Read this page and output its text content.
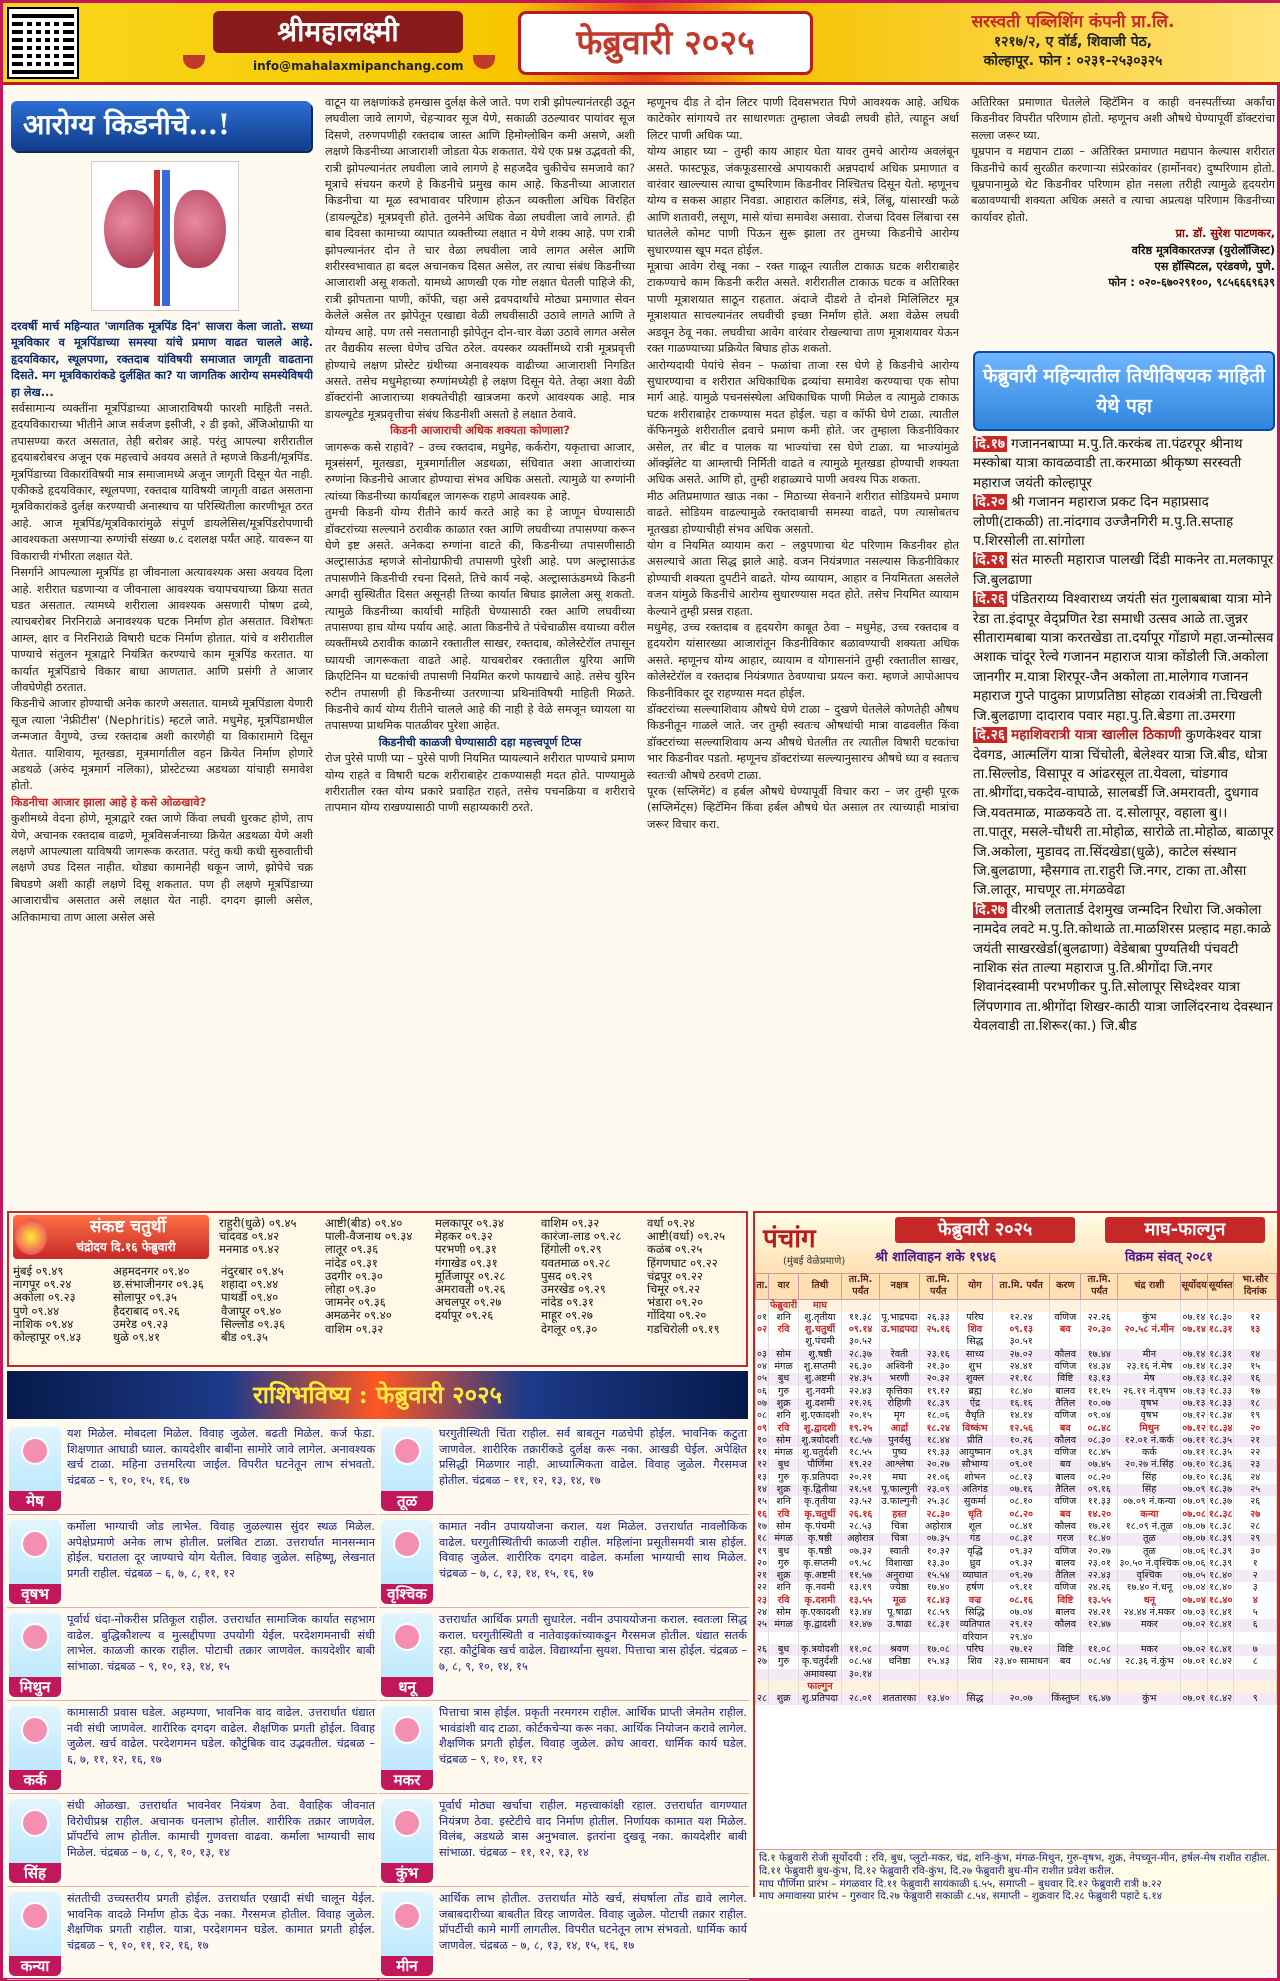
श्रीमहालक्ष्मी
info@mahalaxmipanchang.com
फेब्रुवारी २०२५
सरस्वती पब्लिशिंग कंपनी प्रा.लि.
१२१७/२, ए वॉर्ड, शिवाजी पेठ,
कोल्हापूर. फोन : ०२३१-२५३०३२५
आरोग्य किडनीचे...!

दरवर्षी मार्च महिन्यात 'जागतिक मूत्रपिंड दिन' साजरा केला जातो. सध्या मूत्रविकार व मूत्रपिंडाच्या समस्या यांचे प्रमाण वाढत चालले आहे. हृदयविकार, स्थूलपणा, रक्तदाब यांविषयी समाजात जागृती वाढताना दिसते. मग मूत्रविकारांकडे दुर्लक्षित का? या जागतिक आरोग्य समस्येविषयी हा लेख...

सर्वसामान्य व्यक्तींना मूत्रपिंडाच्या आजाराविषयी फारशी माहिती नसते. हृदयविकाराच्या भीतीने आज सर्वजण इसीजी, २ डी इको, अँजिओग्राफी या तपासण्या करत असतात, तेही बरोबर आहे. परंतु आपल्या शरीरातील हृदयाबरोबरच अजून एक महत्त्वाचे अवयव असते ते म्हणजे किडनी/मूत्रपिंड. मूत्रपिंडाच्या विकारांविषयी मात्र समाजामध्ये अजून जागृती दिसून येत नाही. एकीकडे हृदयविकार, स्थूलपणा, रक्तदाब याविषयी जागृती वाढत असताना मूत्रविकारांकडे दुर्लक्ष करण्याची अनास्थाच या परिस्थितीला कारणीभूत ठरत आहे. आज मूत्रपिंड/मूत्रविकारांमुळे संपूर्ण डायलेसिस/मूत्रपिंडरोपणाची आवश्यकता असणाऱ्या रुग्णांची संख्या ७.८ दशलक्ष पर्यंत आहे. यावरून या विकाराची गंभीरता लक्षात येते.

निसर्गाने आपल्याला मूत्रपिंड हा जीवनाला अत्यावश्यक असा अवयव दिला आहे. शरीरात घडणाऱ्या व जीवनाला आवश्यक चयापचयाच्या क्रिया सतत घडत असतात. त्यामध्ये शरीराला आवश्यक असणारी पोषण द्रव्ये, त्याचबरोबर निरनिराळे अनावश्यक घटक निर्माण होत असतात. विशेषतः आम्ल, क्षार व निरनिराळे विषारी घटक निर्माण होतात. यांचे व शरीरातील पाण्याचे संतुलन मूत्राद्वारे नियंत्रित करण्याचे काम मूत्रपिंड करतात. या कार्यात मूत्रपिंडाचे विकार बाधा आणतात. आणि प्रसंगी ते आजार जीवघेणेही ठरतात.

किडनीचे आजार होण्याची अनेक कारणे असतात. यामध्ये मूत्रपिंडाला येणारी सूज त्याला 'नेफ्रीटीस' (Nephritis) म्हटले जाते. मधुमेह, मूत्रपिंडामधील जन्मजात वैगुण्ये, उच्च रक्तदाब अशी कारणेही या विकारामागे दिसून येतात. याशिवाय, मूतखडा, मूत्रमार्गातील वहन क्रियेत निर्माण होणारे अडथळे (अरुंद मूत्रमार्ग नलिका), प्रोस्टेटच्या अडथळा यांचाही समावेश होतो.

किडनीचा आजार झाला आहे हे कसे ओळखावे?

कुशीमध्ये वेदना होणे, मूत्राद्वारे रक्त जाणे किंवा लघवी धुरकट होणे, ताप येणे, अचानक रक्तदाब वाढणे, मूत्रविसर्जनाच्या क्रियेत अडथळा येणे अशी लक्षणे आपल्याला याविषयी जागरूक करतात. परंतु कधी कधी सुरुवातीची लक्षणे उघड दिसत नाहीत. थोड्या कामानेही थकून जाणे, झोपेचे चक्र बिघडणे अशी काही लक्षणे दिसू शकतात. पण ही लक्षणे मूत्रपिंडाच्या आजाराचीच असतात असे लक्षात येत नाही. दगदग झाली असेल, अतिकामाचा ताण आला असेल असे

वाटून या लक्षणांकडे हमखास दुर्लक्ष केले जाते. पण रात्री झोपल्यानंतरही उठून लघवीला जावे लागणे, चेहऱ्यावर सूज येणे, सकाळी उठल्यावर पायांवर सूज दिसणे, तरुणपणीही रक्तदाब जास्त आणि हिमोग्लोबिन कमी असणे, अशी लक्षणे किडनीच्या आजाराशी जोडता येऊ शकतात. येथे एक प्रश्न उद्भवतो की, रात्री झोपल्यानंतर लघवीला जावे लागणे हे सहजदैव चुकीचेच समजावे का? मूत्राचे संचयन करणे हे किडनीचे प्रमुख काम आहे. किडनीच्या आजारात किडनीचा या मूळ स्वभावावर परिणाम होऊन व्यक्तीला अधिक विरहित (डायल्यूटेड) मूत्रप्रवृत्ती होते. तुलनेने अधिक वेळा लघवीला जावे लागते. ही बाब दिवसा कामाच्या व्यापात व्यक्तीच्या लक्षात न येणे शक्य आहे. पण रात्री झोपल्यानंतर दोन ते चार वेळा लघवीला जावे लागत असेल आणि शरीरस्वभावात हा बदल अचानकच दिसत असेल, तर त्याचा संबंध किडनीच्या आजाराशी असू शकतो. यामध्ये आणखी एक गोष्ट लक्षात घेतली पाहिजे की, रात्री झोपताना पाणी, कॉफी, चहा असे द्रवपदार्थांचे मोठ्या प्रमाणात सेवन केलेले असेल तर झोपेतून एखाद्या वेळी लघवीसाठी उठावे लागते आणि ते योग्यच आहे. पण तसे नसतानाही झोपेतून दोन-चार वेळा उठावे लागत असेल तर वैद्यकीय सल्ला घेणेच उचित ठरेल. वयस्कर व्यक्तींमध्ये रात्री मूत्रप्रवृत्ती होण्याचे लक्षण प्रोस्टेट ग्रंथीच्या अनावश्यक वाढीच्या आजाराशी निगडित असते. तसेच मधुमेहाच्या रुग्णांमध्येही हे लक्षण दिसून येते. तेव्हा अशा वेळी डॉक्टरांनी आजाराच्या शक्यतेचीही खात्रजमा करणे आवश्यक आहे. मात्र डायल्यूटेड मूत्रप्रवृत्तीचा संबंध किडनीशी असतो हे लक्षात ठेवावे.

किडनी आजाराची अधिक शक्यता कोणाला?

जागरूक कसे राहावे? – उच्च रक्तदाब, मधुमेह, कर्करोग, यकृताचा आजार, मूत्रसंसर्ग, मूतखडा, मूत्रमार्गातील अडथळा, संधिवात अशा आजारांच्या रुग्णांना किडनीचे आजार होण्याचा संभव अधिक असतो. त्यामुळे या रुग्णांनी त्यांच्या किडनीच्या कार्याबद्दल जागरूक राहणे आवश्यक आहे.

तुमची किडनी योग्य रीतीने कार्य करते आहे का हे जाणून घेण्यासाठी डॉक्टरांच्या सल्ल्याने ठरावीक काळात रक्त आणि लघवीच्या तपासण्या करून घेणे इष्ट असते. अनेकदा रुग्णांना वाटते की, किडनीच्या तपासणीसाठी अल्ट्रासाऊंड म्हणजे सोनोग्राफीची तपासणी पुरेशी आहे. पण अल्ट्रासाऊंड तपासणीने किडनीची रचना दिसते, तिचे कार्य नव्हे. अल्ट्रासाऊंडमध्ये किडनी अगदी सुस्थितीत दिसत असूनही तिच्या कार्यात बिघाड झालेला असू शकतो. त्यामुळे किडनीच्या कार्याची माहिती घेण्यासाठी रक्त आणि लघवीच्या तपासण्या हाच योग्य पर्याय आहे. आता किडनीचे ते पंचेचाळीस वयाच्या वरील व्यक्तींमध्ये ठरावीक काळाने रक्तातील साखर, रक्तदाब, कोलेस्टेरॉल तपासून घ्यायची जागरूकता वाढते आहे. याचबरोबर रक्तातील युरिया आणि क्रिएटिनिन या घटकांची तपासणी नियमित करणे फायद्याचे आहे. तसेच युरिन रुटीन तपासणी ही किडनीच्या उतरणाऱ्या प्रथिनांविषयी माहिती मिळते. किडनीचे कार्य योग्य रीतीने चालले आहे की नाही हे वेळे समजून घ्यायला या तपासण्या प्राथमिक पातळीवर पुरेशा आहेत.

किडनीची काळजी घेण्यासाठी दहा महत्त्वपूर्ण टिप्स

रोज पुरेसे पाणी प्या – पुरेसे पाणी नियमित प्यायल्याने शरीरात पाण्याचे प्रमाण योग्य राहते व विषारी घटक शरीराबाहेर टाकण्यासही मदत होते. पाण्यामुळे शरीरातील रक्त योग्य प्रकारे प्रवाहित राहते, तसेच पचनक्रिया व शरीराचे तापमान योग्य राखण्यासाठी पाणी सहाय्यकारी ठरते.

म्हणूनच दीड ते दोन लिटर पाणी दिवसभरात पिणे आवश्यक आहे. अधिक काटेकोर सांगायचे तर साधारणतः तुम्हाला जेवढी लघवी होते, त्याहून अर्धा लिटर पाणी अधिक प्या.

योग्य आहार घ्या – तुम्ही काय आहार घेता यावर तुमचे आरोग्य अवलंबून असते. फास्टफूड, जंकफूडसारखे अपायकारी अन्नपदार्थ अधिक प्रमाणात व वारंवार खाल्ल्यास त्याचा दुष्परिणाम किडनीवर निश्चितच दिसून येतो. म्हणूनच योग्य व सकस आहार निवडा. आहारात कलिंगड, संत्रे, लिंबू, यांसारखी फळे आणि शतावरी, लसूण, मासे यांचा समावेश असावा. रोजचा दिवस लिंबाचा रस घातलेले कोमट पाणी पिऊन सुरू झाला तर तुमच्या किडनीचे आरोग्य सुधारण्यास खूप मदत होईल.

मूत्राचा आवेग रोखू नका – रक्त गाळून त्यातील टाकाऊ घटक शरीराबाहेर टाकण्याचे काम किडनी करीत असते. शरीरातील टाकाऊ घटक व अतिरिक्त पाणी मूत्राशयात साठून राहतात. अंदाजे दीडशे ते दोनशे मिलिलिटर मूत्र मूत्राशयात साचल्यानंतर लघवीची इच्छा निर्माण होते. अशा वेळेस लघवी अडवून ठेवू नका. लघवीचा आवेग वारंवार रोखल्याचा ताण मूत्राशयावर येऊन रक्त गाळण्याच्या प्रक्रियेत बिघाड होऊ शकतो.

आरोग्यदायी पेयांचे सेवन – फळांचा ताजा रस घेणे हे किडनीचे आरोग्य सुधारण्याचा व शरीरात अधिकाधिक द्रव्यांचा समावेश करण्याचा एक सोपा मार्ग आहे. यामुळे पचनसंस्थेला अधिकाधिक पाणी मिळेल व त्यामुळे टाकाऊ घटक शरीराबाहेर टाकण्यास मदत होईल. चहा व कॉफी घेणे टाळा. त्यातील कॅफिनमुळे शरीरातील द्रवाचे प्रमाण कमी होते. जर तुम्हाला किडनीविकार असेल, तर बीट व पालक या भाज्यांचा रस घेणे टाळा. या भाज्यांमुळे ऑक्झॅलेट या आम्लाची निर्मिती वाढते व त्यामुळे मूतखडा होण्याची शक्यता अधिक असते. आणि हो, तुम्ही शहाळ्याचे पाणी अवश्य पिऊ शकता.

मीठ अतिप्रमाणात खाऊ नका – मिठाच्या सेवनाने शरीरात सोडियमचे प्रमाण वाढते. सोडियम वाढल्यामुळे रक्तदाबाची समस्या वाढते, पण त्यासोबतच मूतखडा होण्याचीही संभव अधिक असतो.

योग व नियमित व्यायाम करा – लठ्ठपणाचा थेट परिणाम किडनीवर होत असल्याचे आता सिद्ध झाले आहे. वजन नियंत्रणात नसल्यास किडनीविकार होण्याची शक्यता दुपटीने वाढते. योग्य व्यायाम, आहार व नियमितता असलेले वजन यांमुळे किडनीचे आरोग्य सुधारण्यास मदत होते. तसेच नियमित व्यायाम केल्याने तुम्ही प्रसन्न राहता.

मधुमेह, उच्च रक्तदाब व हृदयरोग काबूत ठेवा – मधुमेह, उच्च रक्तदाब व हृदयरोग यांसारख्या आजारांतून किडनीविकार बळावण्याची शक्यता अधिक असते. म्हणूनच योग्य आहार, व्यायाम व योगासनांने तुम्ही रक्तातील साखर, कोलेस्टेरॉल व रक्तदाब नियंत्रणात ठेवण्याचा प्रयत्न करा. म्हणजे आपोआपच किडनीविकार दूर राहण्यास मदत होईल.

डॉक्टरांच्या सल्ल्याशिवाय औषधे घेणे टाळा – दुखणे घेतलेले कोणतेही औषध किडनीतून गाळले जाते. जर तुम्ही स्वतःच औषधांची मात्रा वाढवलीत किंवा डॉक्टरांच्या सल्ल्याशिवाय अन्य औषधे घेतलीत तर त्यातील विषारी घटकांचा भार किडनीवर पडतो. म्हणूनच डॉक्टरांच्या सल्ल्यानुसारच औषधे घ्या व स्वतःच स्वतःची औषधे ठरवणे टाळा.

पूरक (सप्लिमेंट) व हर्बल औषधे घेण्यापूर्वी विचार करा – जर तुम्ही पूरक (सप्लिमेंट्स) व्हिटॅमिन किंवा हर्बल औषधे घेत असाल तर त्याच्याही मात्रांचा जरूर विचार करा.

अतिरिक्त प्रमाणात घेतलेले व्हिटॅमिन व काही वनस्पतींच्या अर्कांचा किडनीवर विपरीत परिणाम होतो. म्हणूनच अशी औषधे घेण्यापूर्वी डॉक्टरांचा सल्ला जरूर घ्या.

धूम्रपान व मद्यपान टाळा – अतिरिक्त प्रमाणात मद्यपान केल्यास शरीरात किडनीचे कार्य सुरळीत करणाऱ्या संप्रेरकांवर (हार्मोनवर) दुष्परिणाम होतो. धूम्रपानामुळे थेट किडनीवर परिणाम होत नसला तरीही त्यामुळे हृदयरोग बळावण्याची शक्यता अधिक असते व त्याचा अप्रत्यक्ष परिणाम किडनीच्या कार्यावर होतो.

प्रा. डॉ. सुरेश पाटणकर,

वरिष्ठ मूत्रविकारतज्ज्ञ (युरोलॉजिस्ट)

एस हॉस्पिटल, एरंडवणे, पुणे.

फोन : ०२०-६७०२९१००, ९८५६६६९६३९

फेब्रुवारी महिन्यातील तिथीविषयक माहिती येथे पहा
दि.१७ गजाननबाप्पा म.पु.ति.करकंब ता.पंढरपूर श्रीनाथ मस्कोबा यात्रा कावळवाडी ता.करमाळा श्रीकृष्ण सरस्वती महाराज जयंती कोल्हापूर
दि.२० श्री गजानन महाराज प्रकट दिन महाप्रसाद लोणी(टाकळी) ता.नांदगाव उज्जैनगिरी म.पु.ति.सप्ताह प.शिरसोली ता.सांगोला
दि.२१ संत मारुती महाराज पालखी दिंडी माकनेर ता.मलकापूर जि.बुलढाणा
दि.२६ पंडितराय्य विश्वाराध्य जयंती संत गुलाबबाबा यात्रा मोने रेडा ता.इंदापूर वेद्प्रणित रेडा समाधी उत्सव आळे ता.जुन्नर सीतारामबाबा यात्रा करतखेडा ता.दर्यापूर गोंडाणे महा.जन्मोत्सव अशाक चांदूर रेल्वे गजानन महाराज यात्रा कोंडोली जि.अकोला जानगीर म.यात्रा शिरपूर-जैन अकोला ता.मालेगाव गजानन महाराज गुप्ते पादुका प्राणप्रतिष्ठा सोहळा रावअंत्री ता.चिखली जि.बुलढाणा दादाराव पवार महा.पु.ति.बेडगा ता.उमरगा
दि.२६ महाशिवरात्री यात्रा खालील ठिकाणी कुणकेश्वर यात्रा देवगड, आत्मलिंग यात्रा चिंचोली, बेलेश्वर यात्रा जि.बीड, धोत्रा ता.सिल्लोड, विसापूर व आंढरसूल ता.येवला, चांडगाव ता.श्रीगोंदा,चकदेव-वाघाळे, सालबर्डी जि.अमरावती, दुधगाव जि.यवतमाळ, माळकवठे ता. द.सोलापूर, वहाला बु।। ता.पातूर, मसले-चौधरी ता.मोहोळ, सारोळे ता.मोहोळ, बाळापूर जि.अकोला, मुडावद ता.सिंदखेडा(धुळे), काटेल संस्थान जि.बुलढाणा, म्हैसगाव ता.राहुरी जि.नगर, टाका ता.औसा जि.लातूर, माचणूर ता.मंगळवेढा
दि.२७ वीरश्री लतातार्ड देशमुख जन्मदिन रिधोरा जि.अकोला नामदेव लवटे म.पु.ति.कोथाळे ता.माळशिरस प्रल्हाद महा.काळे जयंती साखरखेर्डा(बुलढाणा) वेडेबाबा पुण्यतिथी पंचवटी नाशिक संत ताल्या महाराज पु.ति.श्रीगोंदा जि.नगर शिवानंदस्वामी परभणीकर पु.ति.सोलापूर सिध्देश्वर यात्रा लिंपणगाव ता.श्रीगोंदा शिखर-काठी यात्रा जालिंदरनाथ देवस्थान येवलवाडी ता.शिरूर(का.) जि.बीड
संकष्ट चतुर्थी
चंद्रोदय दि.१६ फेब्रुवारी
मुंबई ०९.४९
नागपूर ०९.२४
अकोला ०९.२३
पुणे ०९.४४
नाशिक ०९.४४
कोल्हापूर ०९.४३
अहमदनगर ०९.४०
छ.संभाजीनगर ०९.३६
सोलापूर ०९.३५
हैदराबाद ०९.२६
उमरेड ०९.२३
धुळे ०९.४१
नंदुरबार ०९.४५
शहादा ०९.४४
पाथर्डी ०९.४०
वैजापूर ०९.४०
सिल्लोड ०९.३६
बीड ०९.३५
राहुरी(धुळे) ०९.४५
चांदवड ०९.४२
मनमाड ०९.४२
आष्टी(बीड) ०९.४०
पाली-वैजनाथ ०९.३४
लातूर ०९.३६
नांदेड ०९.३१
उदगीर ०९.३०
लोहा ०९.३०
जामनेर ०९.३६
अमळनेर ०९.४०
वाशिम ०९.३२
मलकापूर ०९.३४
मेहकर ०९.३२
परभणी ०९.३१
गंगाखेड ०९.३१
मूर्तिजापूर ०९.२८
अमरावती ०९.२६
अचलपूर ०९.२७
दर्यापूर ०९.२६
वाशिम ०९.३२
कारंजा-लाड ०९.२८
हिंगोली ०९.२९
यवतमाळ ०९.२८
पुसद ०९.२९
उमरखेड ०९.२९
नांदेड ०९.३१
माहूर ०९.२७
देगलूर ०९.३०
वर्धा ०९.२४
आष्टी(वर्धा) ०९.२५
कळंब ०९.२५
हिंगणघाट ०९.२२
चंद्रपूर ०९.२२
चिमूर ०९.२२
भंडारा ०९.२०
गोंदिया ०९.२०
गडचिरोली ०९.१९
राशिभविष्य : फेब्रुवारी २०२५
मेष
यश मिळेल. मोबदला मिळेल. विवाह जुळेल. बढती मिळेल. कर्ज फेडा. शिक्षणात आघाडी घ्याल. कायदेशीर बाबींना सामोरे जावे लागेल. अनावश्यक खर्च टाळा. महिना उत्तमरित्या जाईल. विपरीत घटनेतून लाभ संभवतो. चंद्रबळ – ९, १०, १५, १६, १७
तूळ
घरगुतीस्थिती चिंता राहील. सर्व बाबतून गळचेपी होईल. भावनिक कटुता जाणवेल. शारीरिक तक्रारींकडे दुर्लक्ष करू नका. आखडी घेईल. अपेक्षित प्रसिद्धी मिळणार नाही. आध्यात्मिकता वाढेल. विवाह जुळेल. गैरसमज होतील. चंद्रबळ – ११, १२, १३, १४, १७
वृषभ
कर्मोला भाग्याची जोड लाभेल. विवाह जुळल्यास सुंदर स्थळ मिळेल. अपेक्षेप्रमाणे अनेक लाभ होतील. प्रलंबित टाळा. उत्तरार्धात मानसन्मान होईल. घरातला दूर जाण्याचे योग येतील. विवाह जुळेल. सहिष्णू, लेखनात प्रगती राहील. चंद्रबळ – ६, ७, ८, ११, १२
वृश्चिक
कामात नवीन उपाययोजना कराल. यश मिळेल. उत्तरार्धात नावलौकिक वाढेल. घरगुतीस्थितीची काळजी राहील. महिलांना प्रसूतीसमयी त्रास होईल. विवाह जुळेल. शारीरिक दगदग वाढेल. कर्माला भाग्याची साथ मिळेल. चंद्रबळ – ७, ८, १३, १४, १५, १६, १७
मिथुन
पूर्वार्ध धंदा-नोकरीस प्रतिकूल राहील. उत्तरार्धात सामाजिक कार्यात सहभाग वाढेल. बुद्धिकौशल्य व मुत्सद्दीपणा उपयोगी येईल. परदेशगमनाची संधी लाभेल. काळजी कारक राहील. पोटाची तक्रार जाणवेल. कायदेशीर बाबी सांभाळा. चंद्रबळ – ९, १०, १३, १४, १५
धनू
उत्तरार्धात आर्थिक प्रगती सुधारेल. नवीन उपाययोजना कराल. स्वतःला सिद्ध कराल. घरगुतीस्थिती व नातेवाइकांच्याकडून गैरसमज होतील. धंद्यात सतर्क रहा. कौटुंबिक खर्च वाढेल. विद्यार्थ्यांना सुयश. पित्ताचा त्रास होईल. चंद्रबळ – ७, ८, ९, १०, १४, १५
कर्क
कामासाठी प्रवास घडेल. अहम्पणा, भावनिक वाद वाढेल. उत्तरार्धात धंद्यात नवी संधी जाणवेल. शारीरिक दगदग वाढेल. शैक्षणिक प्रगती होईल. विवाह जुळेल. खर्च वाढेल. परदेशगमन घडेल. कौटुंबिक वाद उद्भवतील. चंद्रबळ – ६, ७, ११, १२, १६, १७
मकर
पित्ताचा त्रास होईल. प्रकृती नरमगरम राहील. आर्थिक प्राप्ती जेमतेम राहील. भावंडांशी वाद टाळा. कोर्टकचेऱ्या करू नका. आर्थिक नियोजन करावे लागेल. शैक्षणिक प्रगती होईल. विवाह जुळेल. क्रोध आवरा. धार्मिक कार्य घडेल. चंद्रबळ – ९, १०, ११, १२
सिंह
संधी ओळखा. उत्तरार्धात भावनेवर नियंत्रण ठेवा. वैवाहिक जीवनात विरोधीप्रश्न राहील. अचानक धनलाभ होतील. शारीरिक तक्रार जाणवेल. प्रॉपर्टीचे लाभ होतील. कामाची गुणवत्ता वाढवा. कर्माला भाग्याची साथ मिळेल. चंद्रबळ – ७, ८, ९, १०, १३, १४
कुंभ
पूर्वार्ध मोठ्या खर्चाचा राहील. महत्त्वाकांक्षी रहाल. उत्तरार्धात वागण्यात नियंत्रण ठेवा. इस्टेटीचे वाद निर्माण होतील. निर्णायक कामात यश मिळेल. विलंब, अडथळे त्रास अनुभवाल. इतरांना दुखवू नका. कायदेशीर बाबी सांभाळा. चंद्रबळ – ११, १२, १३, १४
कन्या
संततीची उच्चस्तरीय प्रगती होईल. उत्तरार्धात एखादी संधी चालून येईल. भावनिक वादळे निर्माण होऊ देऊ नका. गैरसमज होतील. विवाह जुळेल. शैक्षणिक प्रगती राहील. यात्रा, परदेशगमन घडेल. कामात प्रगती होईल. चंद्रबळ – ९, १०, ११, १२, १६, १७
मीन
आर्थिक लाभ होतील. उत्तरार्धात मोठे खर्च, संघर्षाला तोंड द्यावे लागेल. जबाबदारीच्या बाबतीत विरह जाणवेल. विवाह जुळेल. पोटाची तक्रार राहील. प्रॉपर्टीची कामे मार्गी लागतील. विपरीत घटनेतून लाभ संभवतो. धार्मिक कार्य जाणवेल. चंद्रबळ – ७, ८, १३, १४, १५, १६, १७
पंचांग
(मुंबई वेळेप्रमाणे)
फेब्रुवारी २०२५
श्री शालिवाहन शके १९४६
माघ-फाल्गुन
विक्रम संवत् २०८१
ता.	वार	तिथी	ता.मि. पर्यंत	नक्षत्र	ता.मि. पर्यंत	योग	ता.मि. पर्यंत	करण	ता.मि. पर्यंत	चंद्र राशी	सूर्योदय	सूर्यास्त	भा.सौर दिनांक
	फेब्रुवारी	माघ											
०१	शनि	शु.तृतीया	११.३८	पू.भाद्रपदा	२६.३३	परिघ	१२.२४	वणिज	२२.२६	कुंभ	०७.१४	१८.३०	१२
०२	रवि	शु.चतुर्थी	०९.१४	उ.भाद्रपदा	२५.१६	शिव	०९.१३	बव	२०.३०	२०.५८ नं.मीन	०७.१४	१८.३१	१३
		शु.पंचमी	३०.५२			सिद्ध	३०.५१						
०३	सोम	शु.षष्ठी	२८.३७	रेवती	२३.१६	साध्य	२७.०२	कौलव	१७.४४	मीन	०७.१४	१८.३१	१४
०४	मंगळ	शु.सप्तमी	२६.३०	अश्विनी	२१.३०	शुभ	२४.४१	वणिज	१४.३४	२३.१६ नं.मेष	०७.१४	१८.३२	१५
०५	बुध	शु.अष्टमी	२४.३५	भरणी	२०.३२	शुक्ल	२१.१८	विष्टि	१३.१३	मेष	०७.१३	१८.३२	१६
०६	गुरु	शु.नवमी	२२.४३	कृत्तिका	१९.१२	ब्रह्म	१८.४०	बालव	११.१५	२६.११ नं.वृषभ	०७.१३	१८.३३	१७
०७	शुक्र	शु.दशमी	२१.२६	रोहिणी	१८.३९	ऐंद्र	१६.१६	तैतिल	१०.०७	वृषभ	०७.१३	१८.३३	१८
०८	शनि	शु.एकादशी	२०.१५	मृग	१८.०६	वैधृति	१४.१४	वणिज	०९.०४	वृषभ	०७.१२	१८.३४	१९
०९	रवि	शु.द्वादशी	१९.२५	आर्द्रा	१८.२४	विष्कंभ	१२.५६	बव	०८.४८	मिथुन	०७.१२	१८.३४	२०

१०	सोम	शु.त्रयोदशी	१८.५७	पुनर्वसु	१८.४४	प्रीति	१०.२६	कौलव	०८.३०	१२.०१ नं.कर्क	०७.११	१८.३५	२१
११	मंगळ	शु.चतुर्दशी	१८.५५	पुष्य	१९.३३	आयुष्मान	०९.३९	वणिज	१८.४५	कर्क	०७.११	१८.३५	२२
१२	बुध	पौर्णिमा	१९.२२	आश्लेषा	२०.२७	सौभाग्य	०९.०१	बव	०७.४५	२०.२७ नं.सिंह	०७.१०	१८.३६	२३
१३	गुरु	कृ.प्रतिपदा	२०.२१	मघा	२१.०६	शोभन	०८.१३	बालव	०८.२०	सिंह	०७.१०	१८.३६	२४
१४	शुक्र	कृ.द्वितीया	२१.५१	पू.फाल्गुनी	२३.०९	अतिगंड	०७.१६	तैतिल	०९.१६	सिंह	०७.०९	१८.३७	२५
१५	शनि	कृ.तृतीया	२३.५२	उ.फाल्गुनी	२५.३८	सुकर्मा	०८.१०	वणिज	११.३३	०७.०९ नं.कन्या	०७.०९	१८.३७	२६
१६	रवि	कृ.चतुर्थी	२६.१६	हस्त	२८.३०	धृति	०८.२०	बव	१४.२०	कन्या	०७.०८	१८.३८	२७
१७	सोम	कृ.पंचमी	२८.५३	चित्रा	अहोरात्र	शूल	०८.४१	कौलव	१७.२१	१८.०९ नं.तूळ	०७.०७	१८.३८	२८
१८	मंगळ	कृ.षष्ठी	अहोरात्र	चित्रा	०७.३५	गंड	०८.३१	गरज	१८.४०	तूळ	०७.०७	१८.३९	२९
१९	बुध	कृ.षष्ठी	०७.३२	स्वाती	१०.३२	वृद्धि	०९.३२	वणिज	२०.२७	तूळ	०७.०६	१८.३९	३०

२०	गुरु	कृ.सप्तमी	०९.५८	विशाखा	१३.३०	ध्रुव	०९.३२	बालव	२३.०१	३०.५० नं.वृश्चिक	०७.०६	१८.३९	१
२१	शुक्र	कृ.अष्टमी	११.५७	अनुराधा	१५.५४	व्याघात	०९.२७	तैतिल	२२.४३	वृश्चिक	०७.०५	१८.४०	२
२२	शनि	कृ.नवमी	१३.१९	ज्येष्ठा	१७.४०	हर्षण	०९.११	वणिज	२४.२६	१७.४० नं.धनू	०७.०४	१८.४०	३
२३	रवि	कृ.दशमी	१३.५५	मूळ	१८.४३	वज्र	०८.१६	विष्टि	१३.५५	धनू	०७.०४	१८.४०	४
२४	सोम	कृ.एकादशी	१३.४४	पू.षाढा	१८.५९	सिद्धि	०७.०४	बालव	२४.२१	२४.४४ नं.मकर	०७.०३	१८.४१	५
२५	मंगळ	कृ.द्वादशी	१२.४७	उ.षाढा	१८.३१	व्यतिपात	२९.१२	कौलव	१२.४७	मकर	०७.०२	१८.४१	६
						वरियान	२९.४०						
२६	बुध	कृ.त्रयोदशी	११.०८	श्रवण	१७.०८	परिघ	२७.१२	विष्टि	११.०८	मकर	०७.०२	१८.४१	७
२७	गुरु	कृ.चतुर्दशी	०८.५४	धनिष्ठा	१५.४३	शिव	२३.४० सामाधन	बव	०८.५४	२८.३६ नं.कुंभ	०७.०१	१८.४२	८
		अमावस्या	३०.१४										
		फाल्गुन											
२८	शुक्र	शु.प्रतिपदा	२८.०१	शततारका	१३.४०	सिद्ध	२०.०७	किंस्तुघ्न	१६.४७	कुंभ	०७.०१	१८.४२	९
दि.१ फेब्रुवारी रोजी सूर्योदयी : रवि, बुध, प्लुटो-मकर, चंद्र, शनि-कुंभ, मंगळ-मिथुन, गुरु-वृषभ, शुक्र, नेपच्यून-मीन, हर्षल-मेष राशीत राहील. दि.११ फेब्रुवारी बुध-कुंभ, दि.१२ फेब्रुवारी रवि-कुंभ, दि.२७ फेब्रुवारी बुध-मीन राशीत प्रवेश करील.
माघ पौर्णिमा प्रारंभ – मंगळवार दि.११ फेब्रुवारी सायंकाळी ६.५५, समाप्ती – बुधवार दि.१२ फेब्रुवारी रात्री ७.२२
माघ अमावास्या प्रारंभ – गुरुवार दि.२७ फेब्रुवारी सकाळी ८.५४, समाप्ती – शुक्रवार दि.२८ फेब्रुवारी पहाटे ६.१४
